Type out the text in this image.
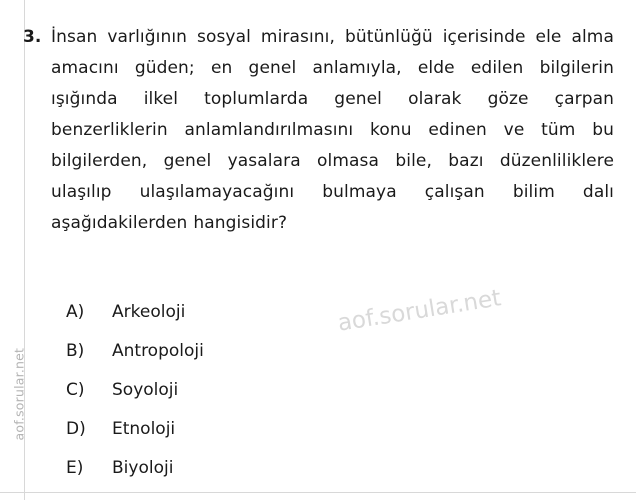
aof.sorular.net
3. İnsan varlığının sosyal mirasını, bütünlüğü içerisinde ele alma amacını güden; en genel anlamıyla, elde edilen bilgilerin ışığında ilkel toplumlarda genel olarak göze çarpan benzerliklerin anlamlandırılmasını konu edinen ve tüm bu bilgilerden, genel yasalara olmasa bile, bazı düzenliliklere ulaşılıp ulaşılamayacağını bulmaya çalışan bilim dalı aşağıdakilerden hangisidir?
aof.sorular.net
A)	Arkeoloji
B)	Antropoloji
C)	Soyoloji
D)	Etnoloji
E)	Biyoloji
